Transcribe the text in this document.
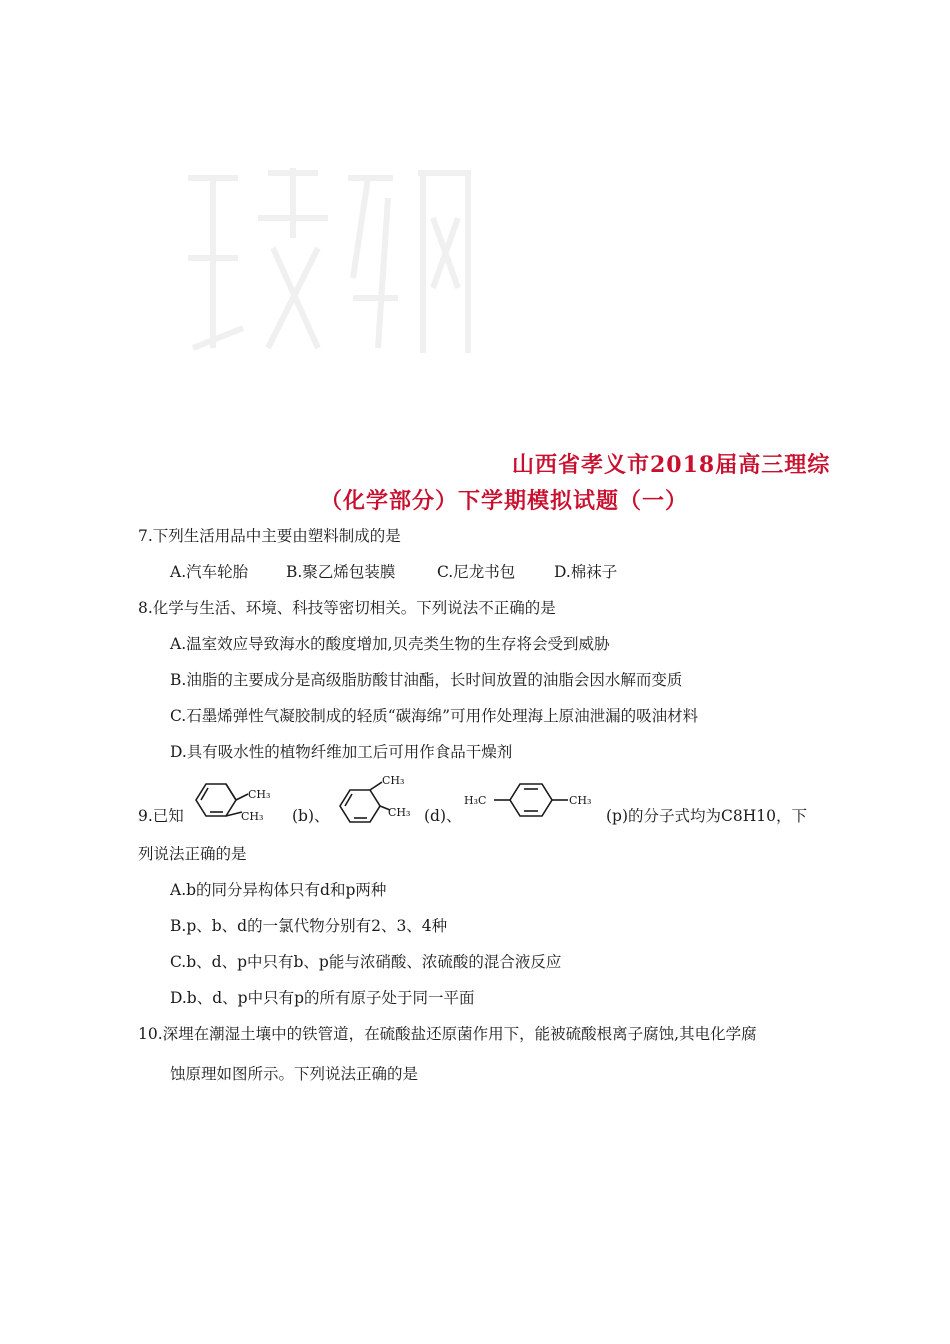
山西省孝义市2018届高三理综
（化学部分）下学期模拟试题（一）
7.下列生活用品中主要由塑料制成的是
A.汽车轮胎 B.聚乙烯包装膜	C.尼龙书包	D.棉袜子
8.化学与生活、环境、科技等密切相关。下列说法不正确的是
A.温室效应导致海水的酸度增加,贝壳类生物的生存将会受到威胁
B.油脂的主要成分是高级脂肪酸甘油酯，长时间放置的油脂会因水解而变质
C.石墨烯弹性气凝胶制成的轻质“碳海绵”可用作处理海上原油泄漏的吸油材料
D.具有吸水性的植物纤维加工后可用作食品干燥剂
9.已知
CH₃
CH₃ (b)、
CH₃
CH₃ (d)、
H₃C	CH₃
(p)的分子式均为C8H10，下
列说法正确的是
A.b的同分异构体只有d和p两种
B.p、b、d的一氯代物分别有2、3、4种
C.b、d、p中只有b、p能与浓硝酸、浓硫酸的混合液反应
D.b、d、p中只有p的所有原子处于同一平面
10.深埋在潮湿土壤中的铁管道，在硫酸盐还原菌作用下，能被硫酸根离子腐蚀,其电化学腐
蚀原理如图所示。下列说法正确的是
